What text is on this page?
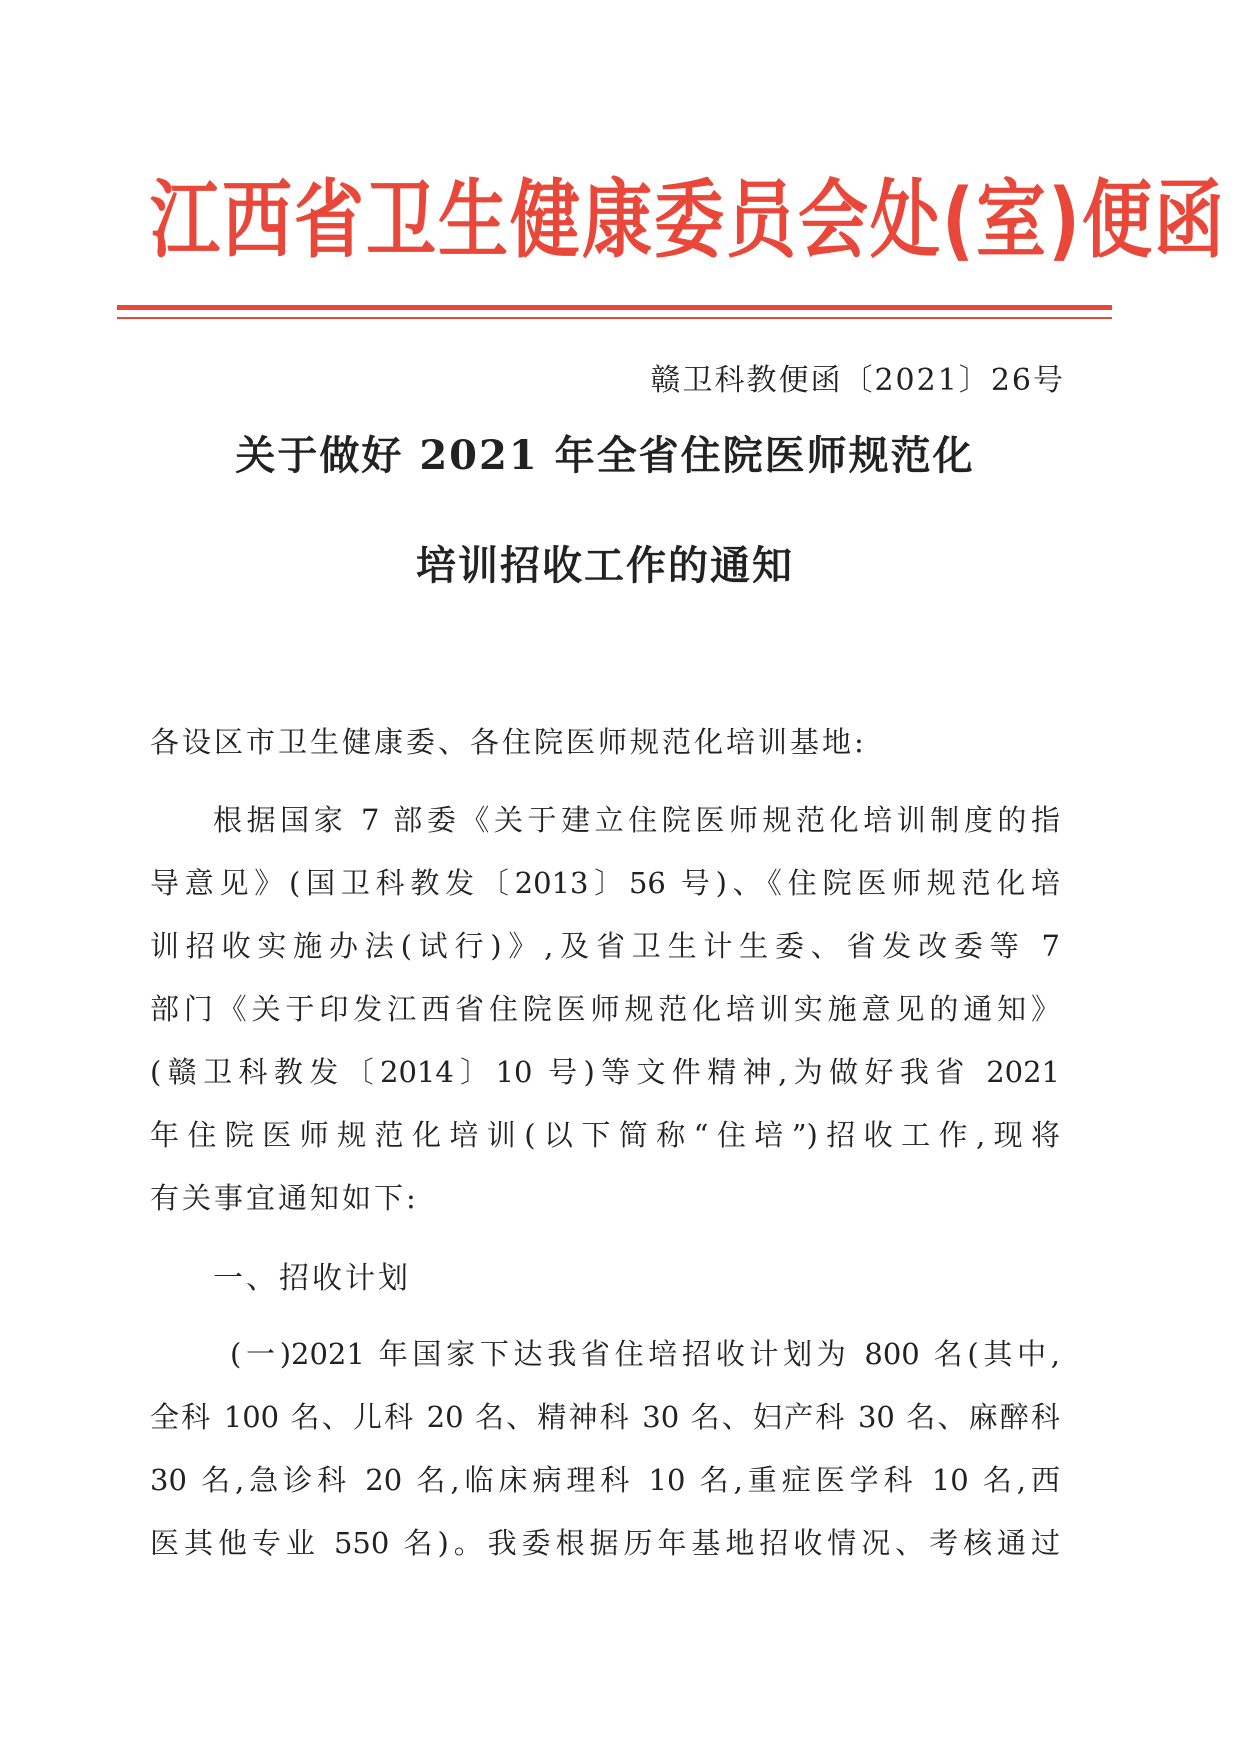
江西省卫生健康委员会处(室)便函
赣卫科教便函〔2021〕26号
关于做好 2021 年全省住院医师规范化
培训招收工作的通知
各设区市卫生健康委、各住院医师规范化培训基地:
根据国家 7 部委《关于建立住院医师规范化培训制度的指
导意见》(国卫科教发〔2013〕56 号)、《住院医师规范化培
训招收实施办法(试行)》,及省卫生计生委、省发改委等 7
部门《关于印发江西省住院医师规范化培训实施意见的通知》
(赣卫科教发〔2014〕10 号)等文件精神,为做好我省 2021
年住院医师规范化培训(以下简称“住培”)招收工作,现将
有关事宜通知如下:
一、招收计划
(一)2021 年国家下达我省住培招收计划为 800 名(其中,
全科 100 名、儿科 20 名、精神科 30 名、妇产科 30 名、麻醉科
30 名,急诊科 20 名,临床病理科 10 名,重症医学科 10 名,西
医其他专业 550 名)。我委根据历年基地招收情况、考核通过
